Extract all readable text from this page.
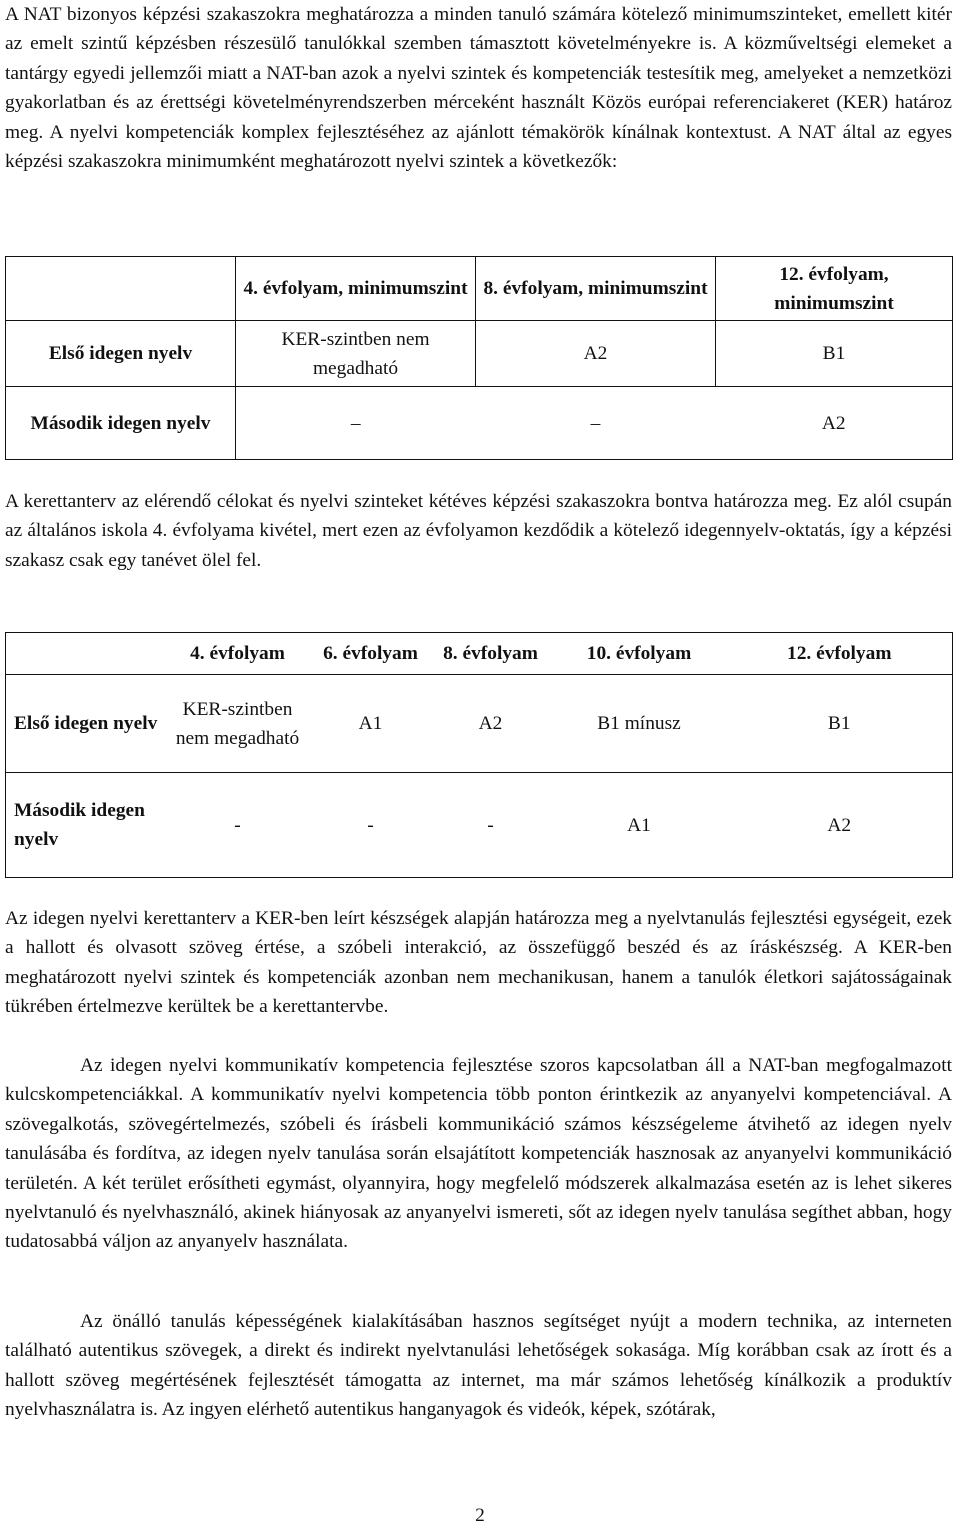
A NAT bizonyos képzési szakaszokra meghatározza a minden tanuló számára kötelező minimumszinteket, emellett kitér az emelt szintű képzésben részesülő tanulókkal szemben támasztott követelményekre is. A közműveltségi elemeket a tantárgy egyedi jellemzői miatt a NAT-ban azok a nyelvi szintek és kompetenciák testesítik meg, amelyeket a nemzetközi gyakorlatban és az érettségi követelményrendszerben mérceként használt Közös európai referenciakeret (KER) határoz meg. A nyelvi kompetenciák komplex fejlesztéséhez az ajánlott témakörök kínálnak kontextust. A NAT által az egyes képzési szakaszokra minimumként meghatározott nyelvi szintek a következők:

	4. évfolyam, minimumszint	8. évfolyam, minimumszint	12. évfolyam, minimumszint
Első idegen nyelv	KER-szintben nem megadható	A2	B1
Második idegen nyelv	–	–	A2

A kerettanterv az elérendő célokat és nyelvi szinteket kétéves képzési szakaszokra bontva határozza meg. Ez alól csupán az általános iskola 4. évfolyama kivétel, mert ezen az évfolyamon kezdődik a kötelező idegennyelv-oktatás, így a képzési szakasz csak egy tanévet ölel fel.

	4. évfolyam	6. évfolyam	8. évfolyam	10. évfolyam	12. évfolyam
Első idegen nyelv	KER-szintben nem megadható	A1	A2	B1 mínusz	B1
Második idegen nyelv	-	-	-	A1	A2

Az idegen nyelvi kerettanterv a KER-ben leírt készségek alapján határozza meg a nyelvtanulás fejlesztési egységeit, ezek a hallott és olvasott szöveg értése, a szóbeli interakció, az összefüggő beszéd és az íráskészség. A KER-ben meghatározott nyelvi szintek és kompetenciák azonban nem mechanikusan, hanem a tanulók életkori sajátosságainak tükrében értelmezve kerültek be a kerettantervbe.

Az idegen nyelvi kommunikatív kompetencia fejlesztése szoros kapcsolatban áll a NAT-ban megfogalmazott kulcskompetenciákkal. A kommunikatív nyelvi kompetencia több ponton érintkezik az anyanyelvi kompetenciával. A szövegalkotás, szövegértelmezés, szóbeli és írásbeli kommunikáció számos készségeleme átvihető az idegen nyelv tanulásába és fordítva, az idegen nyelv tanulása során elsajátított kompetenciák hasznosak az anyanyelvi kommunikáció területén. A két terület erősítheti egymást, olyannyira, hogy megfelelő módszerek alkalmazása esetén az is lehet sikeres nyelvtanuló és nyelvhasználó, akinek hiányosak az anyanyelvi ismereti, sőt az idegen nyelv tanulása segíthet abban, hogy tudatosabbá váljon az anyanyelv használata.

Az önálló tanulás képességének kialakításában hasznos segítséget nyújt a modern technika, az interneten található autentikus szövegek, a direkt és indirekt nyelvtanulási lehetőségek sokasága. Míg korábban csak az írott és a hallott szöveg megértésének fejlesztését támogatta az internet, ma már számos lehetőség kínálkozik a produktív nyelvhasználatra is. Az ingyen elérhető autentikus hanganyagok és videók, képek, szótárak,

2
